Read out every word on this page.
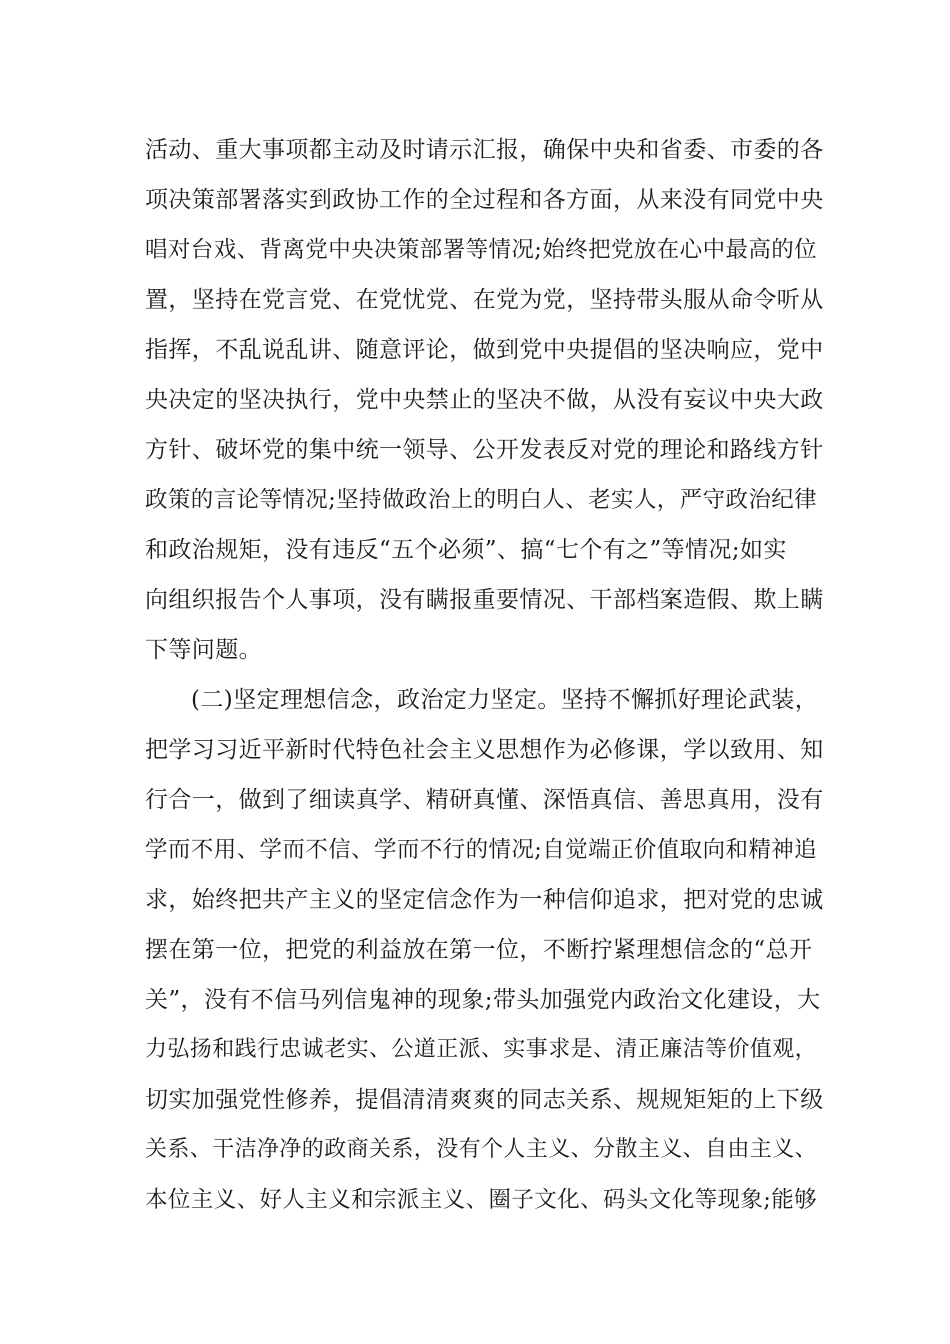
活动、重大事项都主动及时请示汇报，确保中央和省委、市委的各
项决策部署落实到政协工作的全过程和各方面，从来没有同党中央
唱对台戏、背离党中央决策部署等情况;始终把党放在心中最高的位
置，坚持在党言党、在党忧党、在党为党，坚持带头服从命令听从
指挥，不乱说乱讲、随意评论，做到党中央提倡的坚决响应，党中
央决定的坚决执行，党中央禁止的坚决不做，从没有妄议中央大政
方针、破坏党的集中统一领导、公开发表反对党的理论和路线方针
政策的言论等情况;坚持做政治上的明白人、老实人，严守政治纪律
和政治规矩，没有违反“五个必须”、搞“七个有之”等情况;如实
向组织报告个人事项，没有瞒报重要情况、干部档案造假、欺上瞒
下等问题。
(二)坚定理想信念，政治定力坚定。坚持不懈抓好理论武装，
把学习习近平新时代特色社会主义思想作为必修课，学以致用、知
行合一，做到了细读真学、精研真懂、深悟真信、善思真用，没有
学而不用、学而不信、学而不行的情况;自觉端正价值取向和精神追
求，始终把共产主义的坚定信念作为一种信仰追求，把对党的忠诚
摆在第一位，把党的利益放在第一位，不断拧紧理想信念的“总开
关”，没有不信马列信鬼神的现象;带头加强党内政治文化建设，大
力弘扬和践行忠诚老实、公道正派、实事求是、清正廉洁等价值观，
切实加强党性修养，提倡清清爽爽的同志关系、规规矩矩的上下级
关系、干洁净净的政商关系，没有个人主义、分散主义、自由主义、
本位主义、好人主义和宗派主义、圈子文化、码头文化等现象;能够
